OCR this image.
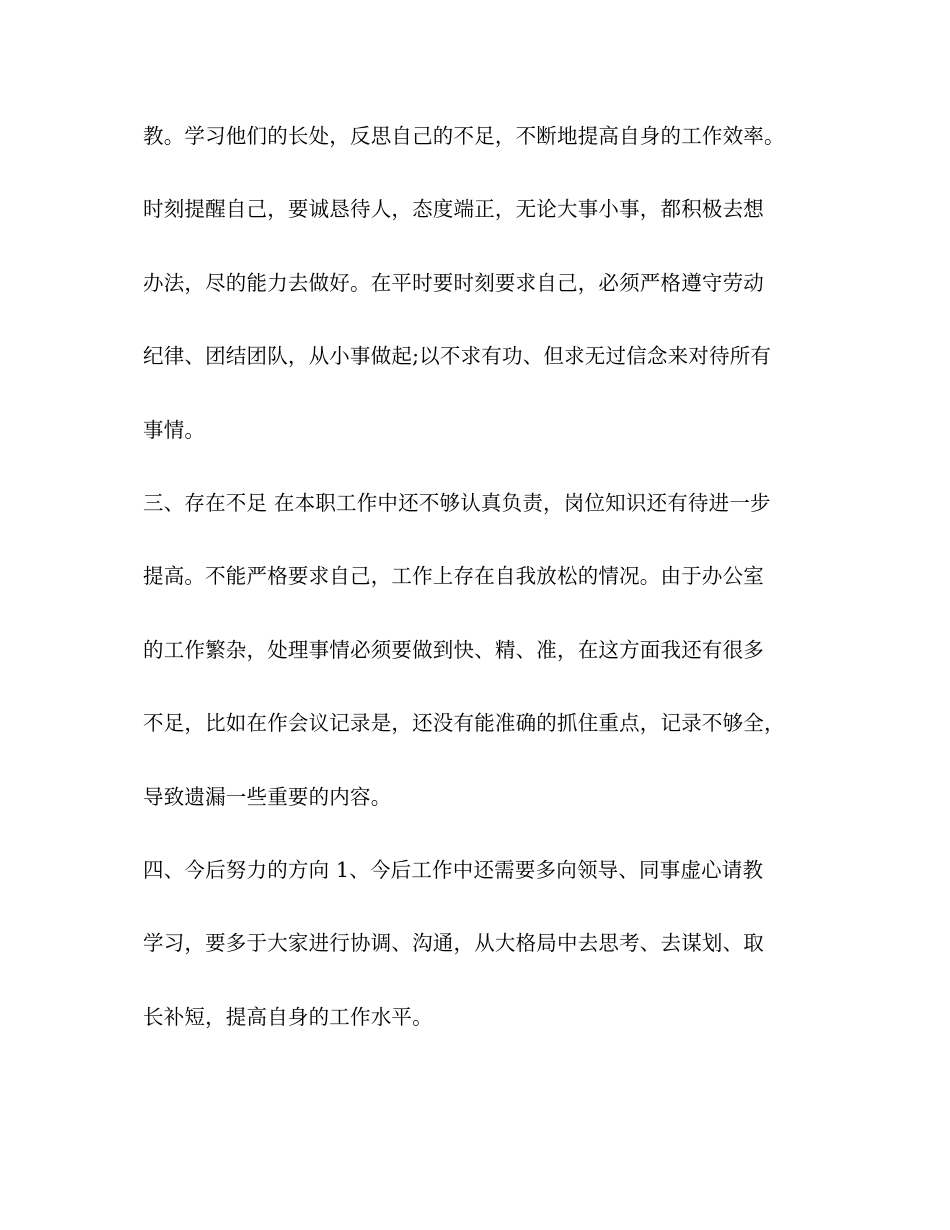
教。学习他们的长处，反思自己的不足，不断地提高自身的工作效率。
时刻提醒自己，要诚恳待人，态度端正，无论大事小事，都积极去想
办法，尽的能力去做好。在平时要时刻要求自己，必须严格遵守劳动
纪律、团结团队，从小事做起;以不求有功、但求无过信念来对待所有
事情。
三、存在不足 在本职工作中还不够认真负责，岗位知识还有待进一步
提高。不能严格要求自己，工作上存在自我放松的情况。由于办公室
的工作繁杂，处理事情必须要做到快、精、准，在这方面我还有很多
不足，比如在作会议记录是，还没有能准确的抓住重点，记录不够全，
导致遗漏一些重要的内容。
四、今后努力的方向 1、今后工作中还需要多向领导、同事虚心请教
学习，要多于大家进行协调、沟通，从大格局中去思考、去谋划、取
长补短，提高自身的工作水平。
